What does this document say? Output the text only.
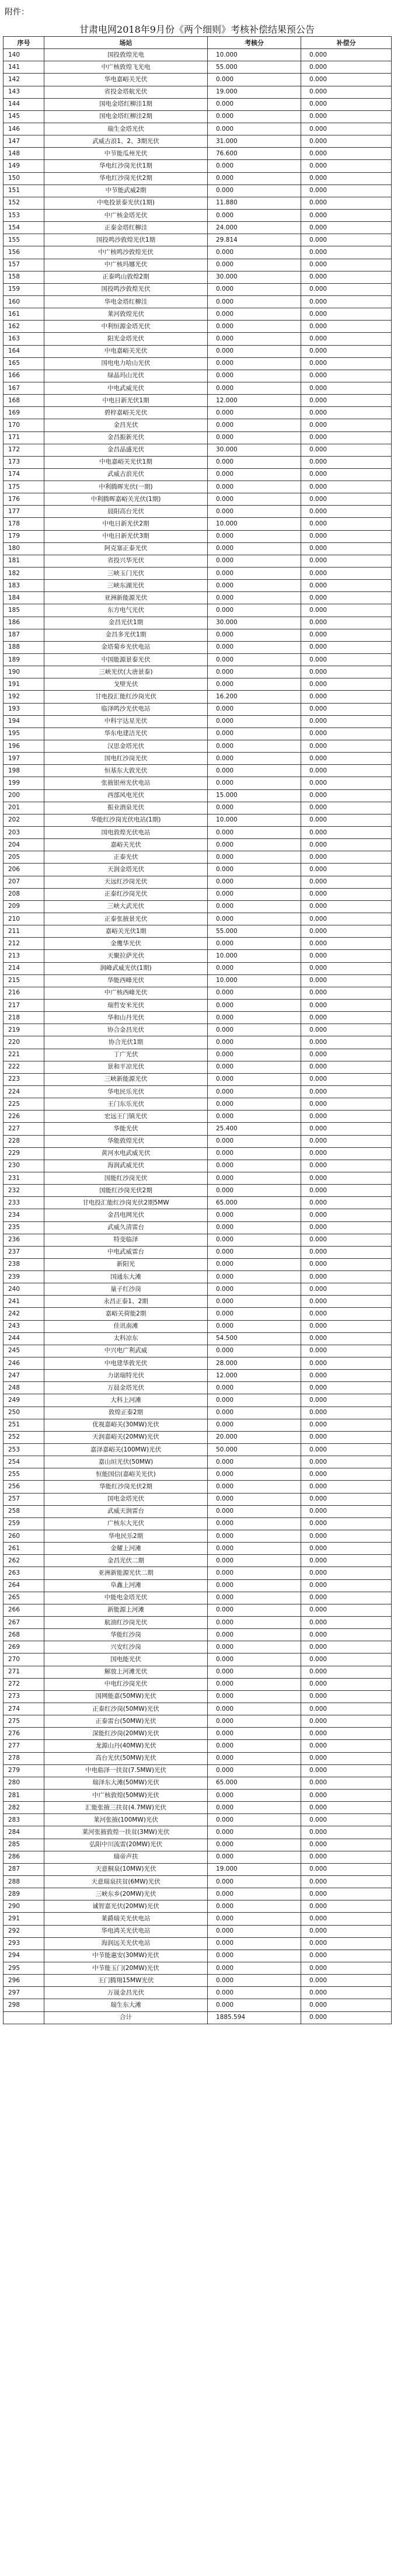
附件：
甘肃电网2018年9月份《两个细则》考核补偿结果预公告
序号	场站	考核分	补偿分
140	国投敦煌光电	10.000	0.000
141	中广核敦煌飞光电	55.000	0.000
142	华电嘉峪关光伏	0.000	0.000
143	省投金塔航光伏	19.000	0.000
144	国电金塔红柳洼1期	0.000	0.000
145	国电金塔红柳洼2期	0.000	0.000
146	瑞生金塔光伏	0.000	0.000
147	武威古浪1、2、3期光伏	31.000	0.000
148	中节能瓜州光伏	76.600	0.000
149	华电红沙岗光伏1期	0.000	0.000
150	华电红沙岗光伏2期	0.000	0.000
151	中节能武威2期	0.000	0.000
152	中电投景泰光伏(1期)	11.880	0.000
153	中广核金塔光伏	0.000	0.000
154	正泰金塔红柳洼	24.000	0.000
155	国投鸣沙敦煌光伏1期	29.814	0.000
156	中广核鸣沙敦煌光伏	0.000	0.000
157	中广核玛娜光伏	0.000	0.000
158	正泰鸣山敦煌2期	30.000	0.000
159	国投鸣沙敦煌光伏	0.000	0.000
160	华电金塔红柳洼	0.000	0.000
161	莱河敦煌光伏	0.000	0.000
162	中利恒源金塔光伏	0.000	0.000
163	阳光金塔光伏	0.000	0.000
164	中电嘉峪关光伏	0.000	0.000
165	国电电力哈山光伏	0.000	0.000
166	绿晶玛山光伏	0.000	0.000
167	中电武威光伏	0.000	0.000
168	中电日新光伏1期	12.000	0.000
169	碧梓嘉峪关光伏	0.000	0.000
170	金昌光伏	0.000	0.000
171	金昌振新光伏	0.000	0.000
172	金昌晶盛光伏	30.000	0.000
173	中电嘉峪关光伏1期	0.000	0.000
174	武威古浪光伏	0.000	0.000
175	中利腾晖光伏(一期)	0.000	0.000
176	中利腾晖嘉峪关光伏(1期)	0.000	0.000
177	晨阳高台光伏	0.000	0.000
178	中电日新光伏2期	10.000	0.000
179	中电日新光伏3期	0.000	0.000
180	阿克塞正泰光伏	0.000	0.000
181	省投兴华光伏	0.000	0.000
182	三峡玉门光伏	0.000	0.000
183	三峡东湖光伏	0.000	0.000
184	亚洲新能源光伏	0.000	0.000
185	东方电气光伏	0.000	0.000
186	金昌光伏1期	30.000	0.000
187	金昌多光伏1期	0.000	0.000
188	金塔菊乡光伏电站	0.000	0.000
189	中国能源景泰光伏	0.000	0.000
190	三峡光伏(大唐景泰)	0.000	0.000
191	戈壁光伏	0.000	0.000
192	甘电投汇能红沙岗光伏	16.200	0.000
193	临泽鸣沙光伏电站	0.000	0.000
194	中科宇达星光伏	0.000	0.000
195	华东电建洁光伏	0.000	0.000
196	汉思金塔光伏	0.000	0.000
197	国电红沙岗光伏	0.000	0.000
198	恒基东大敦光伏	0.000	0.000
199	张掖银州光伏电站	0.000	0.000
200	西部风电光伏	15.000	0.000
201	振业酒泉光伏	0.000	0.000
202	华能红沙岗光伏电站(1期)	10.000	0.000
203	国电敦煌光伏电站	0.000	0.000
204	嘉峪关光伏	0.000	0.000
205	正泰光伏	0.000	0.000
206	天润金塔光伏	0.000	0.000
207	天远红沙岗光伏	0.000	0.000
208	正泰红沙岗光伏	0.000	0.000
209	三峡大武光伏	0.000	0.000
210	正泰张掖景光伏	0.000	0.000
211	嘉峪关光伏1期	55.000	0.000
212	金鹰华光伏	0.000	0.000
213	天聚拉萨光伏	10.000	0.000
214	润峰武威光伏(1期)	0.000	0.000
215	华能西峰光伏	10.000	0.000
216	中广核西峰光伏	0.000	0.000
217	瑞哲安米光伏	0.000	0.000
218	华和山丹光伏	0.000	0.000
219	协合金昌光伏	0.000	0.000
220	协合光伏1期	0.000	0.000
221	丁广光伏	0.000	0.000
222	景和平凉光伏	0.000	0.000
223	三峡新能源光伏	0.000	0.000
224	华电民乐光伏	0.000	0.000
225	王门东乐光伏	0.000	0.000
226	宏远王门镇光伏	0.000	0.000
227	华能光伏	25.400	0.000
228	华能敦煌光伏	0.000	0.000
229	黄河水电武威光伏	0.000	0.000
230	海润武威光伏	0.000	0.000
231	国能红沙岗光伏	0.000	0.000
232	国能红沙岗光伏2期	0.000	0.000
233	甘电投汇能红沙岗光伏2期5MW	65.000	0.000
234	金昌电网光伏	0.000	0.000
235	武威久清雷台	0.000	0.000
236	特变临泽	0.000	0.000
237	中电武威雷台	0.000	0.000
238	新阳光	0.000	0.000
239	国通东大滩	0.000	0.000
240	量子红沙岗	0.000	0.000
241	永昌正泰1、2期	0.000	0.000
242	嘉峪关荷能2期	0.000	0.000
243	佳讯南滩	0.000	0.000
244	太科凉东	54.500	0.000
245	中兴电广利武威	0.000	0.000
246	中电建华敦光伏	28.000	0.000
247	力诺瑞特光伏	12.000	0.000
248	万晨金塔光伏	0.000	0.000
249	大科上河滩	0.000	0.000
250	敦煌正泰2期	0.000	0.000
251	优视嘉峪关(30MW)光伏	0.000	0.000
252	天润嘉峪关(20MW)光伏	20.000	0.000
253	嘉泽嘉峪关(100MW)光伏	50.000	0.000
254	嘉山垣光伏(50MW)	0.000	0.000
255	恒能国信(嘉峪关光伏)	0.000	0.000
256	华能红沙岗光伏2期	0.000	0.000
257	国电金塔光伏	0.000	0.000
258	武威天润雷台	0.000	0.000
259	广核东大光伏	0.000	0.000
260	华电民乐2期	0.000	0.000
261	金耀上河滩	0.000	0.000
262	金昌光伏二期	0.000	0.000
263	亚洲新能源光伏二期	0.000	0.000
264	阜鑫上河滩	0.000	0.000
265	中能电金塔光伏	0.000	0.000
266	新能源上河滩	0.000	0.000
267	航油红沙岗光伏	0.000	0.000
268	华能红沙岗	0.000	0.000
269	兴安红沙岗	0.000	0.000
270	国电能光伏	0.000	0.000
271	解放上河滩光伏	0.000	0.000
272	中电红沙岗光伏	0.000	0.000
273	国网能嘉(50MW)光伏	0.000	0.000
274	正泰红沙岗(50MW)光伏	0.000	0.000
275	正泰雷台(50MW)光伏	0.000	0.000
276	深能红沙岗(20MW)光伏	0.000	0.000
277	龙源山丹(40MW)光伏	0.000	0.000
278	高台光伏(50MW)光伏	0.000	0.000
279	中电临泽一扶贫(7.5MW)光伏	0.000	0.000
280	瑞泽东大滩(50MW)光伏	65.000	0.000
281	中广核敦煌(50MW)光伏	0.000	0.000
282	汇能张掖三扶贫(4.7MW)光伏	0.000	0.000
283	莱河张掖(100MW)光伏	0.000	0.000
284	莱河张掖敦煌一扶贫(3MW)光伏	0.000	0.000
285	弘阳中川流雷(20MW)光伏	0.000	0.000
286	瑞帝声扶	0.000	0.000
287	天意桐泉(10MW)光伏	19.000	0.000
288	天意瑞泉扶贫(6MW)光伏	0.000	0.000
289	三峡东乡(20MW)光伏	0.000	0.000
290	诚智嘉光伏(20MW)光伏	0.000	0.000
291	莱爵瑞关光伏电站	0.000	0.000
292	华电鸿关光伏电站	0.000	0.000
293	海润远关光伏电站	0.000	0.000
294	中节能惠安(30MW)光伏	0.000	0.000
295	中节能玉门(20MW)光伏	0.000	0.000
296	王门腾翔15MW光伏	0.000	0.000
297	万晟金昌光伏	0.000	0.000
298	瑞生东大滩	0.000	0.000
	合计	1885.594	0.000
